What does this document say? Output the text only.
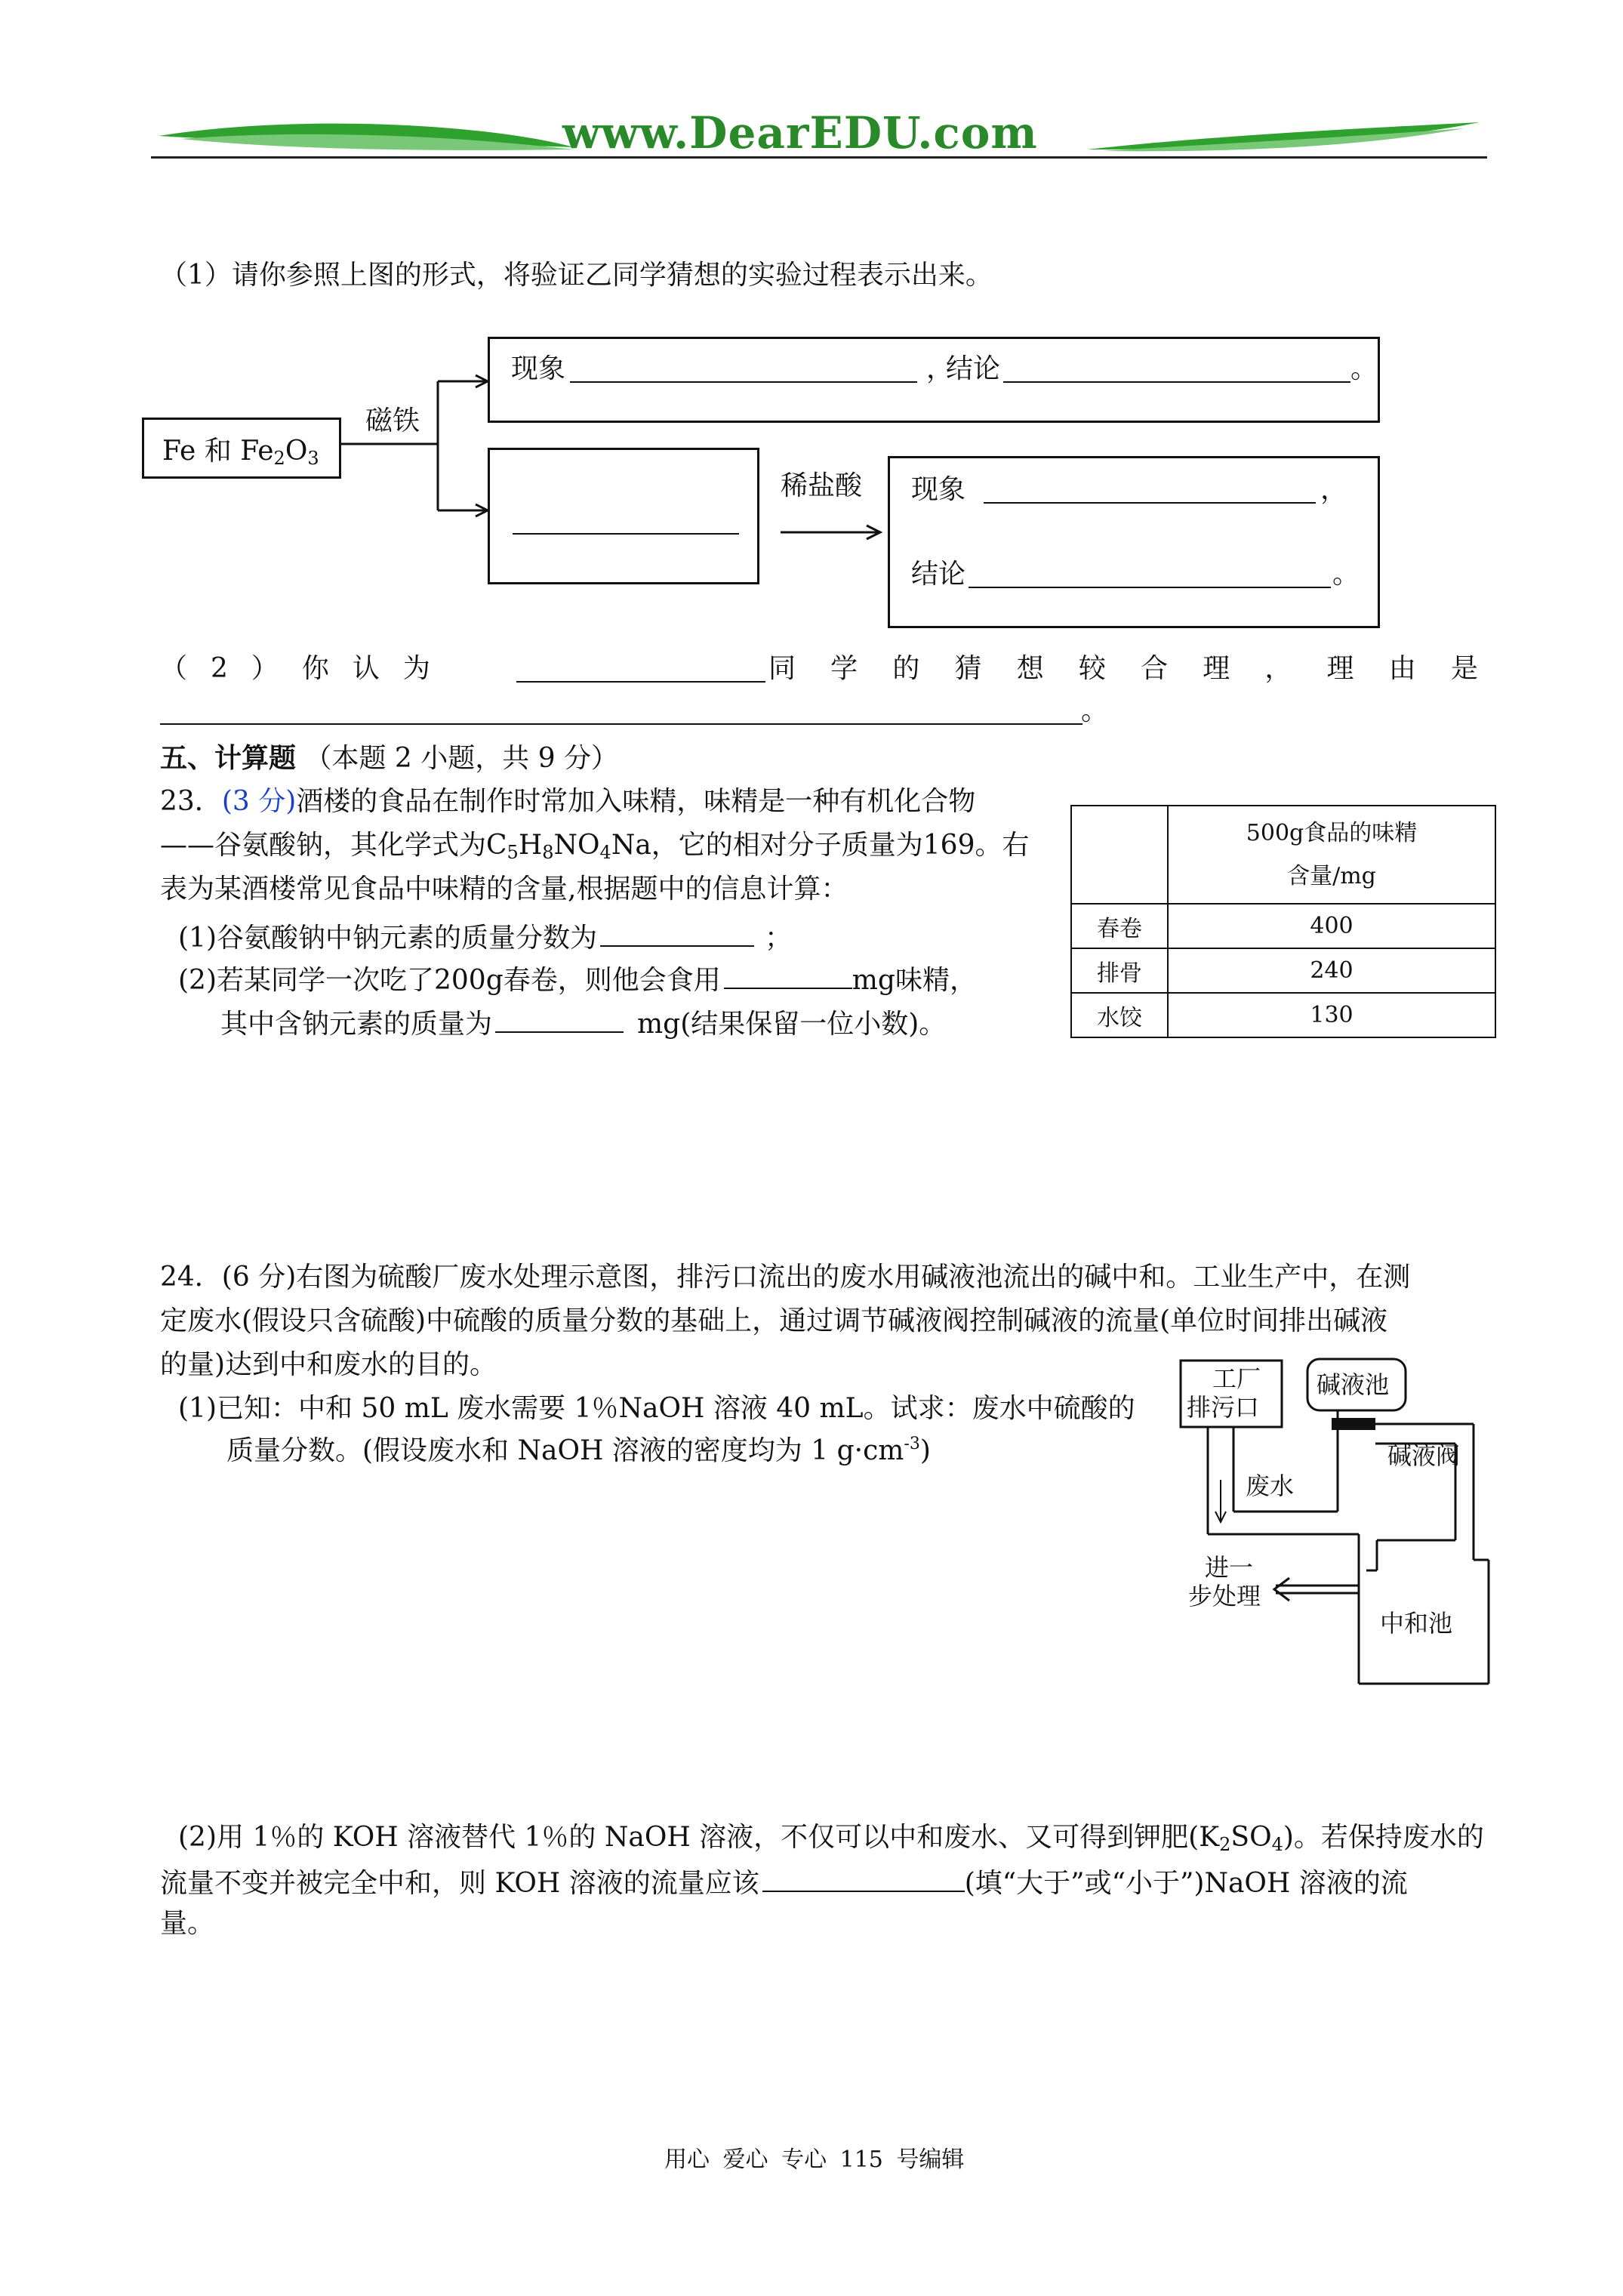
www.DearEDU.com
（1）请你参照上图的形式，将验证乙同学猜想的实验过程表示出来。
Fe 和 $Fe_2O_3$
磁铁
现象	，
结论	。
稀盐酸 现象	，
结论	。
（2）你认为	同 学 的 猜 想 较 合 理 ， 理 由 是
。
五、计算题 （本题 2 小题，共 9 分）
23．(3 分)酒楼的食品在制作时常加入味精，味精是一种有机化合物
——谷氨酸钠，其化学式为$C_5H_8NO_4Na$，它的相对分子质量为169。右
表为某酒楼常见食品中味精的含量,根据题中的信息计算：
(1)谷氨酸钠中钠元素的质量分数为	；
(2)若某同学一次吃了200g春卷，则他会食用	mg味精，
其中含钠元素的质量为	mg(结果保留一位小数)。

	500g食品的味精
含量/mg

春卷	400
排骨	240
水饺	130
24．(6 分)右图为硫酸厂废水处理示意图，排污口流出的废水用碱液池流出的碱中和。工业生产中，在测
定废水(假设只含硫酸)中硫酸的质量分数的基础上，通过调节碱液阀控制碱液的流量(单位时间排出碱液
的量)达到中和废水的目的。
(1)已知：中和 50 mL 废水需要 1％NaOH 溶液 40 mL。试求：废水中硫酸的
质量分数。(假设废水和 NaOH 溶液的密度均为 1 $g\cdot cm^{-3}$)
工厂
排污口
碱液池
废水
碱液阀
进一
步处理
中和池
(2)用 1％的 KOH 溶液替代 1％的 NaOH 溶液，不仅可以中和废水、又可得到钾肥$(K_2SO_4)$。若保持废水的
流量不变并被完全中和，则 KOH 溶液的流量应该	(填“大于”或“小于”)NaOH 溶液的流
量。
用心 爱心 专心 115 号编辑
